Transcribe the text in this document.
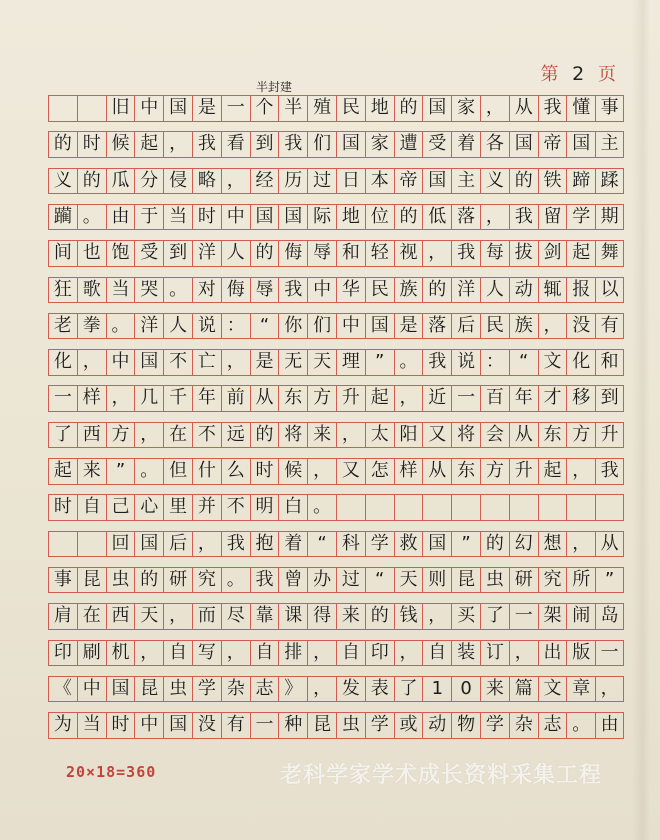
第 2 页
半封建
旧 中 国 是 一 个 半 殖 民 地 的 国 家 ， 从 我 懂 事
的 时 候 起 ， 我 看 到 我 们 国 家 遭 受 着 各 国 帝 国 主
义 的 瓜 分 侵 略 ， 经 历 过 日 本 帝 国 主 义 的 铁 蹄 蹂
躏 。 由 于 当 时 中 国 国 际 地 位 的 低 落 ， 我 留 学 期
间 也 饱 受 到 洋 人 的 侮 辱 和 轻 视 ， 我 每 拔 剑 起 舞
狂 歌 当 哭 。 对 侮 辱 我 中 华 民 族 的 洋 人 动 辄 报 以
老 拳 。 洋 人 说 ： “ 你 们 中 国 是 落 后 民 族 ， 没 有
化 ， 中 国 不 亡 ， 是 无 天 理 ” 。 我 说 ： “ 文 化 和
一 样 ， 几 千 年 前 从 东 方 升 起 ， 近 一 百 年 才 移 到
了 西 方 ， 在 不 远 的 将 来 ， 太 阳 又 将 会 从 东 方 升
起 来 ” 。 但 什 么 时 候 ， 又 怎 样 从 东 方 升 起 ， 我
时 自 己 心 里 并 不 明 白 。
回 国 后 ， 我 抱 着 “ 科 学 救 国 ” 的 幻 想 ， 从
事 昆 虫 的 研 究 。 我 曾 办 过 “ 天 则 昆 虫 研 究 所 ”
肩 在 西 天 ， 而 尽 靠 课 得 来 的 钱 ， 买 了 一 架 闹 岛
印 刷 机 ， 自 写 ， 自 排 ， 自 印 ， 自 装 订 ， 出 版 一
《 中 国 昆 虫 学 杂 志 》 ， 发 表 了 1 0 来 篇 文 章 ，
为 当 时 中 国 没 有 一 种 昆 虫 学 或 动 物 学 杂 志 。 由
20×18=360	老科学家学术成长资料采集工程
